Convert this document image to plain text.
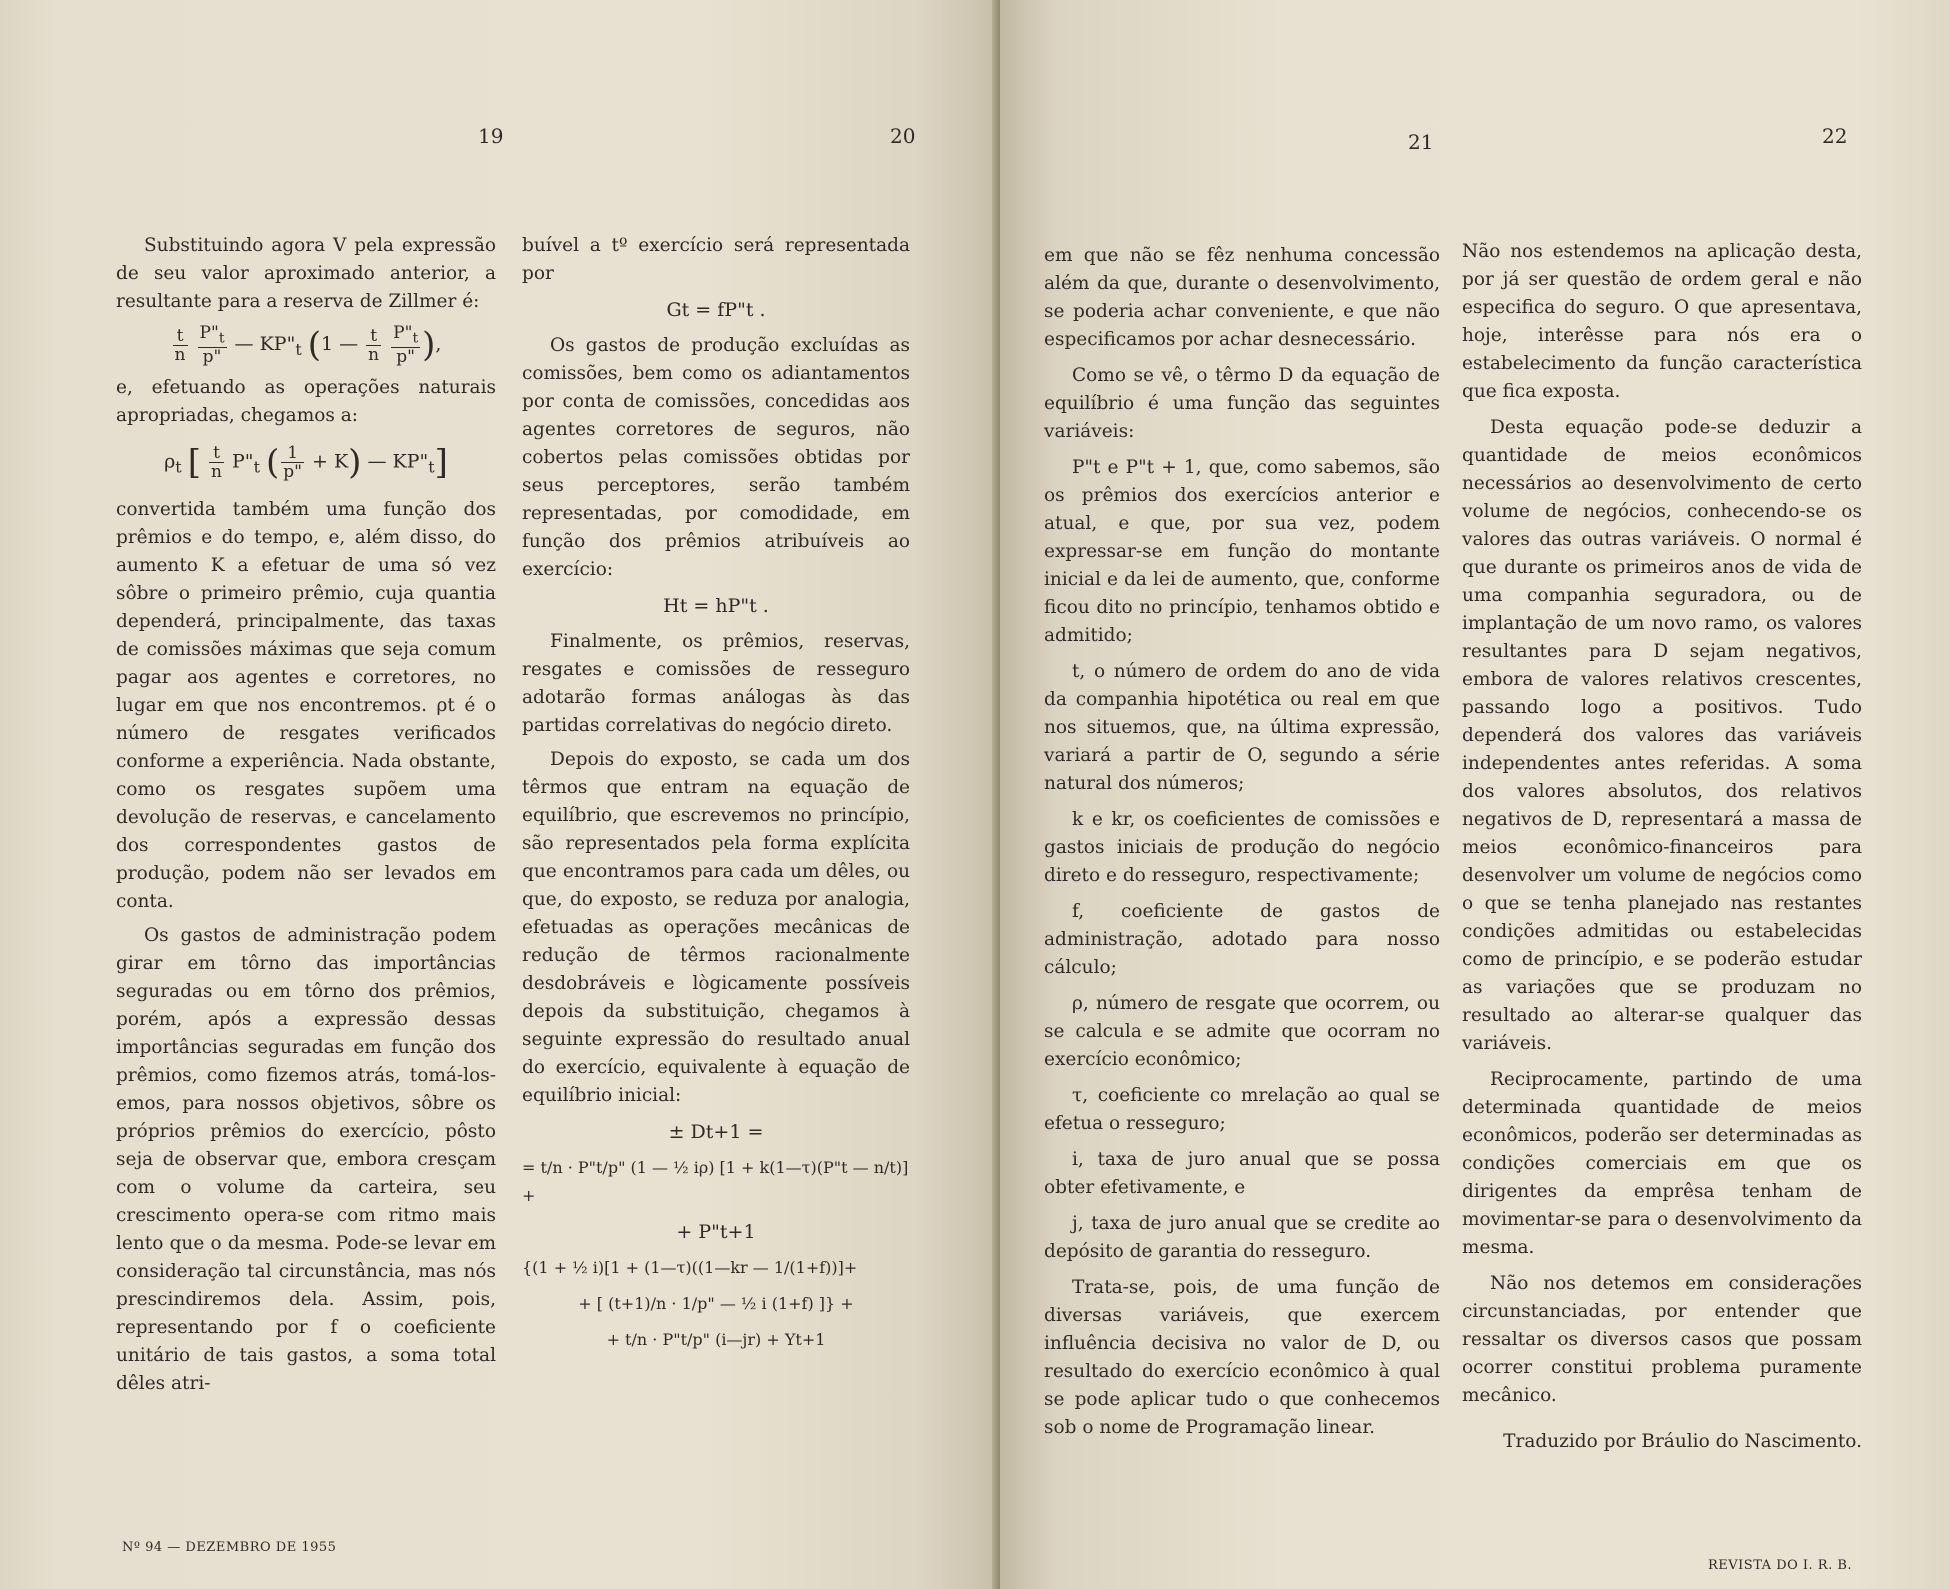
19	20

Substituindo agora V pela expressão de seu valor aproximado anterior, a resultante para a reserva de Zillmer é:

$\frac{t}{n}$
$\frac{P"_t}{p"}$ — $KP"_t$ (1 — $\frac{t}{n}$
$\frac{P"_t}{p"}$ ),

e, efetuando as operações naturais apropriadas, chegamos a:

$\rho_t$ [ $\frac{t}{n}$ $P"_t$ ( $\frac{1}{p"} + K$) — $KP"_t$]

convertida também uma função dos prêmios e do tempo, e, além disso, do aumento K a efetuar de uma só vez sôbre o primeiro prêmio, cuja quantia dependerá, principalmente, das taxas de comissões máximas que seja comum pagar aos agentes e corretores, no lugar em que nos encontremos. ρt é o número de resgates verificados conforme a experiência. Nada obstante, como os resgates supõem uma devolução de reservas, e cancelamento dos correspondentes gastos de produção, podem não ser levados em conta.

Os gastos de administração podem girar em tôrno das importâncias seguradas ou em tôrno dos prêmios, porém, após a expressão dessas importâncias seguradas em função dos prêmios, como fizemos atrás, tomá-los-emos, para nossos objetivos, sôbre os próprios prêmios do exercício, pôsto seja de observar que, embora cresçam com o volume da carteira, seu crescimento opera-se com ritmo mais lento que o da mesma. Pode-se levar em consideração tal circunstância, mas nós prescindiremos dela. Assim, pois, representando por f o coeficiente unitário de tais gastos, a soma total dêles atri-

buível a tº exercício será representada por

Gt = fP"t .

Os gastos de produção excluídas as comissões, bem como os adiantamentos por conta de comissões, concedidas aos agentes corretores de seguros, não cobertos pelas comissões obtidas por seus perceptores, serão também representadas, por comodidade, em função dos prêmios atribuíveis ao exercício:

Ht = hP"t .

Finalmente, os prêmios, reservas, resgates e comissões de resseguro adotarão formas análogas às das partidas correlativas do negócio direto.

Depois do exposto, se cada um dos têrmos que entram na equação de equilíbrio, que escrevemos no princípio, são representados pela forma explícita que encontramos para cada um dêles, ou que, do exposto, se reduza por analogia, efetuadas as operações mecânicas de redução de têrmos racionalmente desdobráveis e lògicamente possíveis depois da substituição, chegamos à seguinte expressão do resultado anual do exercício, equivalente à equação de equilíbrio inicial:

± Dt+1 =
= t/n · P"t/p" (1 — ½ iρ) [1 + k(1—τ)(P"t — n/t)] +
+ P"t+1
{(1 + ½ i)[1 + (1—τ)((1—kr — 1/(1+f))]+
+ [ (t+1)/n · 1/p" — ½ i (1+f) ]} +
+ t/n · P"t/p" (i—jr) + Yt+1
Nº 94 — DEZEMBRO DE 1955
21	22

em que não se fêz nenhuma concessão além da que, durante o desenvolvimento, se poderia achar conveniente, e que não especificamos por achar desnecessário.

Como se vê, o têrmo D da equação de equilíbrio é uma função das seguintes variáveis:

P"t e P"t + 1, que, como sabemos, são os prêmios dos exercícios anterior e atual, e que, por sua vez, podem expressar-se em função do montante inicial e da lei de aumento, que, conforme ficou dito no princípio, tenhamos obtido e admitido;

t, o número de ordem do ano de vida da companhia hipotética ou real em que nos situemos, que, na última expressão, variará a partir de O, segundo a série natural dos números;

k e kr, os coeficientes de comissões e gastos iniciais de produção do negócio direto e do resseguro, respectivamente;

f, coeficiente de gastos de administração, adotado para nosso cálculo;

ρ, número de resgate que ocorrem, ou se calcula e se admite que ocorram no exercício econômico;

τ, coeficiente co mrelação ao qual se efetua o resseguro;

i, taxa de juro anual que se possa obter efetivamente, e

j, taxa de juro anual que se credite ao depósito de garantia do resseguro.

Trata-se, pois, de uma função de diversas variáveis, que exercem influência decisiva no valor de D, ou resultado do exercício econômico à qual se pode aplicar tudo o que conhecemos sob o nome de Programação linear.

Não nos estendemos na aplicação desta, por já ser questão de ordem geral e não especifica do seguro. O que apresentava, hoje, interêsse para nós era o estabelecimento da função característica que fica exposta.

Desta equação pode-se deduzir a quantidade de meios econômicos necessários ao desenvolvimento de certo volume de negócios, conhecendo-se os valores das outras variáveis. O normal é que durante os primeiros anos de vida de uma companhia seguradora, ou de implantação de um novo ramo, os valores resultantes para D sejam negativos, embora de valores relativos crescentes, passando logo a positivos. Tudo dependerá dos valores das variáveis independentes antes referidas. A soma dos valores absolutos, dos relativos negativos de D, representará a massa de meios econômico-financeiros para desenvolver um volume de negócios como o que se tenha planejado nas restantes condições admitidas ou estabelecidas como de princípio, e se poderão estudar as variações que se produzam no resultado ao alterar-se qualquer das variáveis.

Reciprocamente, partindo de uma determinada quantidade de meios econômicos, poderão ser determinadas as condições comerciais em que os dirigentes da emprêsa tenham de movimentar-se para o desenvolvimento da mesma.

Não nos detemos em considerações circunstanciadas, por entender que ressaltar os diversos casos que possam ocorrer constitui problema puramente mecânico.

Traduzido por Bráulio do Nascimento.

REVISTA DO I. R. B.
